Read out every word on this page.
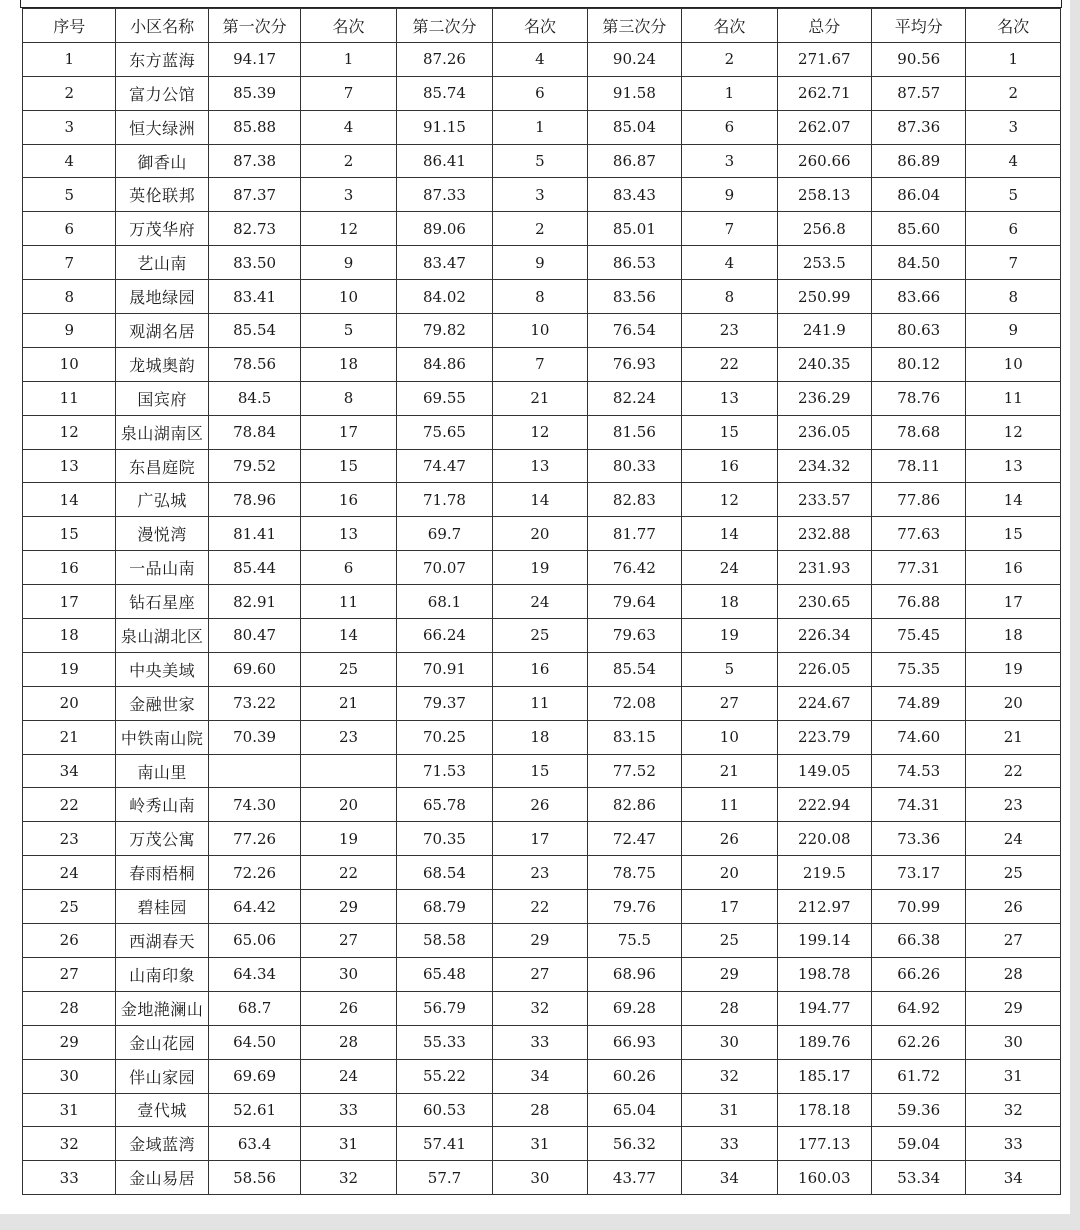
序号	小区名称	第一次分	名次	第二次分	名次	第三次分	名次	总分	平均分	名次
1	东方蓝海	94.17	1	87.26	4	90.24	2	271.67	90.56	1
2	富力公馆	85.39	7	85.74	6	91.58	1	262.71	87.57	2
3	恒大绿洲	85.88	4	91.15	1	85.04	6	262.07	87.36	3
4	御香山	87.38	2	86.41	5	86.87	3	260.66	86.89	4
5	英伦联邦	87.37	3	87.33	3	83.43	9	258.13	86.04	5
6	万茂华府	82.73	12	89.06	2	85.01	7	256.8	85.60	6
7	艺山南	83.50	9	83.47	9	86.53	4	253.5	84.50	7
8	晟地绿园	83.41	10	84.02	8	83.56	8	250.99	83.66	8
9	观湖名居	85.54	5	79.82	10	76.54	23	241.9	80.63	9
10	龙城奥韵	78.56	18	84.86	7	76.93	22	240.35	80.12	10
11	国宾府	84.5	8	69.55	21	82.24	13	236.29	78.76	11
12	泉山湖南区	78.84	17	75.65	12	81.56	15	236.05	78.68	12
13	东昌庭院	79.52	15	74.47	13	80.33	16	234.32	78.11	13
14	广弘城	78.96	16	71.78	14	82.83	12	233.57	77.86	14
15	漫悦湾	81.41	13	69.7	20	81.77	14	232.88	77.63	15
16	一品山南	85.44	6	70.07	19	76.42	24	231.93	77.31	16
17	钻石星座	82.91	11	68.1	24	79.64	18	230.65	76.88	17
18	泉山湖北区	80.47	14	66.24	25	79.63	19	226.34	75.45	18
19	中央美域	69.60	25	70.91	16	85.54	5	226.05	75.35	19
20	金融世家	73.22	21	79.37	11	72.08	27	224.67	74.89	20
21	中铁南山院	70.39	23	70.25	18	83.15	10	223.79	74.60	21
34	南山里			71.53	15	77.52	21	149.05	74.53	22
22	岭秀山南	74.30	20	65.78	26	82.86	11	222.94	74.31	23
23	万茂公寓	77.26	19	70.35	17	72.47	26	220.08	73.36	24
24	春雨梧桐	72.26	22	68.54	23	78.75	20	219.5	73.17	25
25	碧桂园	64.42	29	68.79	22	79.76	17	212.97	70.99	26
26	西湖春天	65.06	27	58.58	29	75.5	25	199.14	66.38	27
27	山南印象	64.34	30	65.48	27	68.96	29	198.78	66.26	28
28	金地滟澜山	68.7	26	56.79	32	69.28	28	194.77	64.92	29
29	金山花园	64.50	28	55.33	33	66.93	30	189.76	62.26	30
30	伴山家园	69.69	24	55.22	34	60.26	32	185.17	61.72	31
31	壹代城	52.61	33	60.53	28	65.04	31	178.18	59.36	32
32	金域蓝湾	63.4	31	57.41	31	56.32	33	177.13	59.04	33
33	金山易居	58.56	32	57.7	30	43.77	34	160.03	53.34	34
